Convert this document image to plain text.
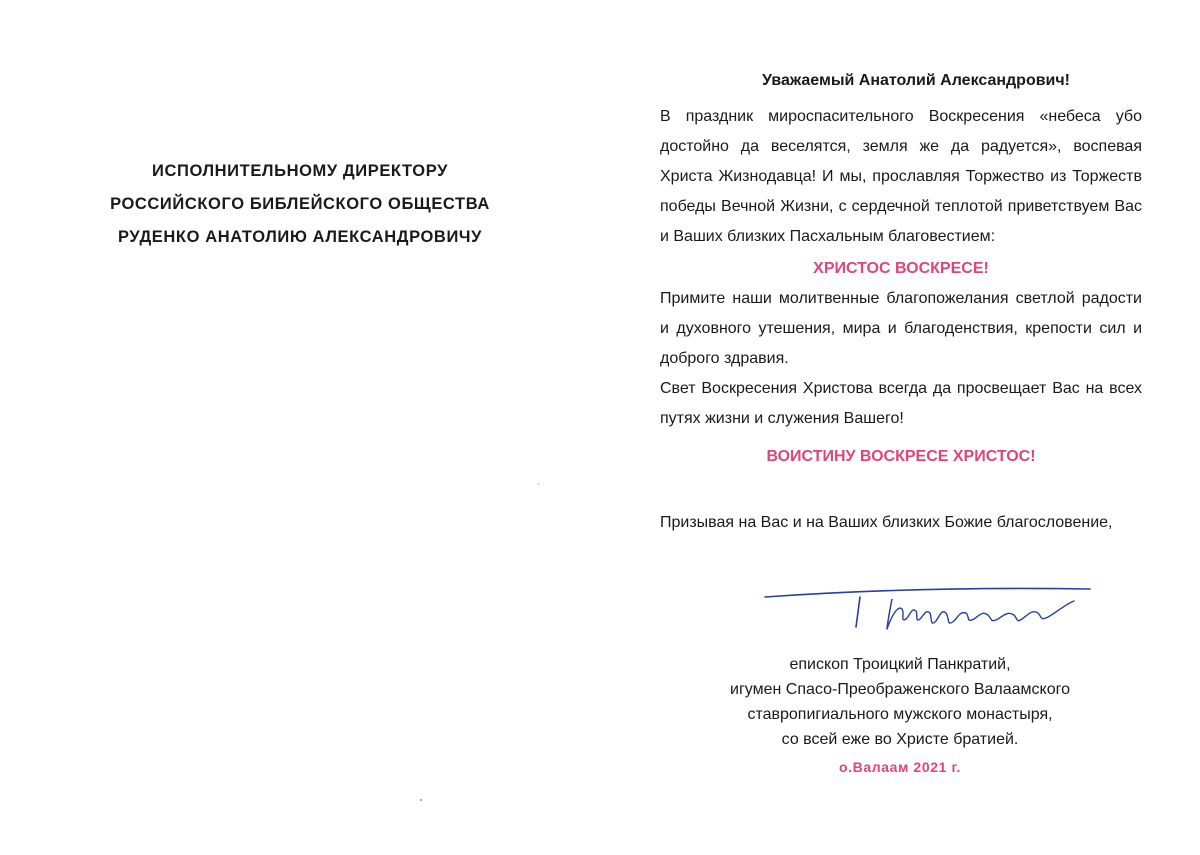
ИСПОЛНИТЕЛЬНОМУ ДИРЕКТОРУ

РОССИЙСКОГО БИБЛЕЙСКОГО ОБЩЕСТВА

РУДЕНКО АНАТОЛИЮ АЛЕКСАНДРОВИЧУ

Уважаемый Анатолий Александрович!

В праздник мироспасительного Воскресения «небеса убо достойно да веселятся, земля же да радуется», воспевая Христа Жизнодавца! И мы, прославляя Торжество из Торжеств победы Вечной Жизни, с сердечной теплотой приветствуем Вас и Ваших близких Пасхальным благовестием:

ХРИСТОС ВОСКРЕСЕ!

Примите наши молитвенные благопожелания светлой радости и духовного утешения, мира и благоденствия, крепости сил и доброго здравия.

Свет Воскресения Христова всегда да просвещает Вас на всех путях жизни и служения Вашего!

ВОИСТИНУ ВОСКРЕСЕ ХРИСТОС!

Призывая на Вас и на Ваших близких Божие благословение,

епископ Троицкий Панкратий,

игумен Спасо-Преображенского Валаамского

ставропигиального мужского монастыря,

со всей еже во Христе братией.

о.Валаам 2021 г.
